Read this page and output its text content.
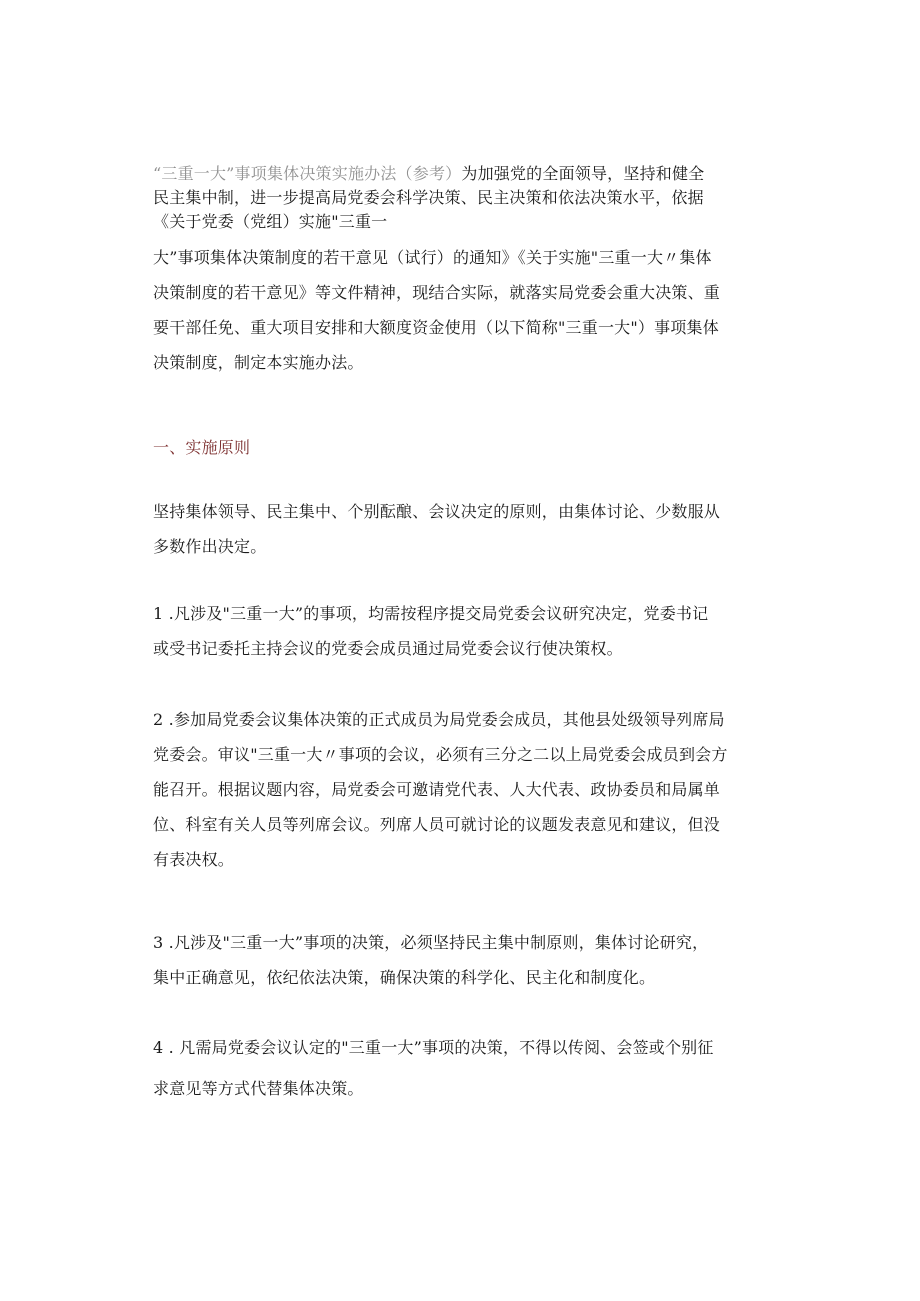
“三重一大”事项集体决策实施办法（参考）为加强党的全面领导，坚持和健全
民主集中制，进一步提高局党委会科学决策、民主决策和依法决策水平，依据
《关于党委（党组）实施"三重一
大”事项集体决策制度的若干意见（试行）的通知》《关于实施"三重一大〃集体
决策制度的若干意见》等文件精神，现结合实际，就落实局党委会重大决策、重
要干部任免、重大项目安排和大额度资金使用（以下简称"三重一大"）事项集体
决策制度，制定本实施办法。
一、实施原则
坚持集体领导、民主集中、个别酝酿、会议决定的原则，由集体讨论、少数服从
多数作出决定。
1 .凡涉及"三重一大”的事项，均需按程序提交局党委会议研究决定，党委书记
或受书记委托主持会议的党委会成员通过局党委会议行使决策权。
2 .参加局党委会议集体决策的正式成员为局党委会成员，其他县处级领导列席局
党委会。审议"三重一大〃事项的会议，必须有三分之二以上局党委会成员到会方
能召开。根据议题内容，局党委会可邀请党代表、人大代表、政协委员和局属单
位、科室有关人员等列席会议。列席人员可就讨论的议题发表意见和建议，但没
有表决权。
3 .凡涉及"三重一大”事项的决策，必须坚持民主集中制原则，集体讨论研究，
集中正确意见，依纪依法决策，确保决策的科学化、民主化和制度化。
4 . 凡需局党委会议认定的"三重一大”事项的决策，不得以传阅、会签或个别征
求意见等方式代替集体决策。
